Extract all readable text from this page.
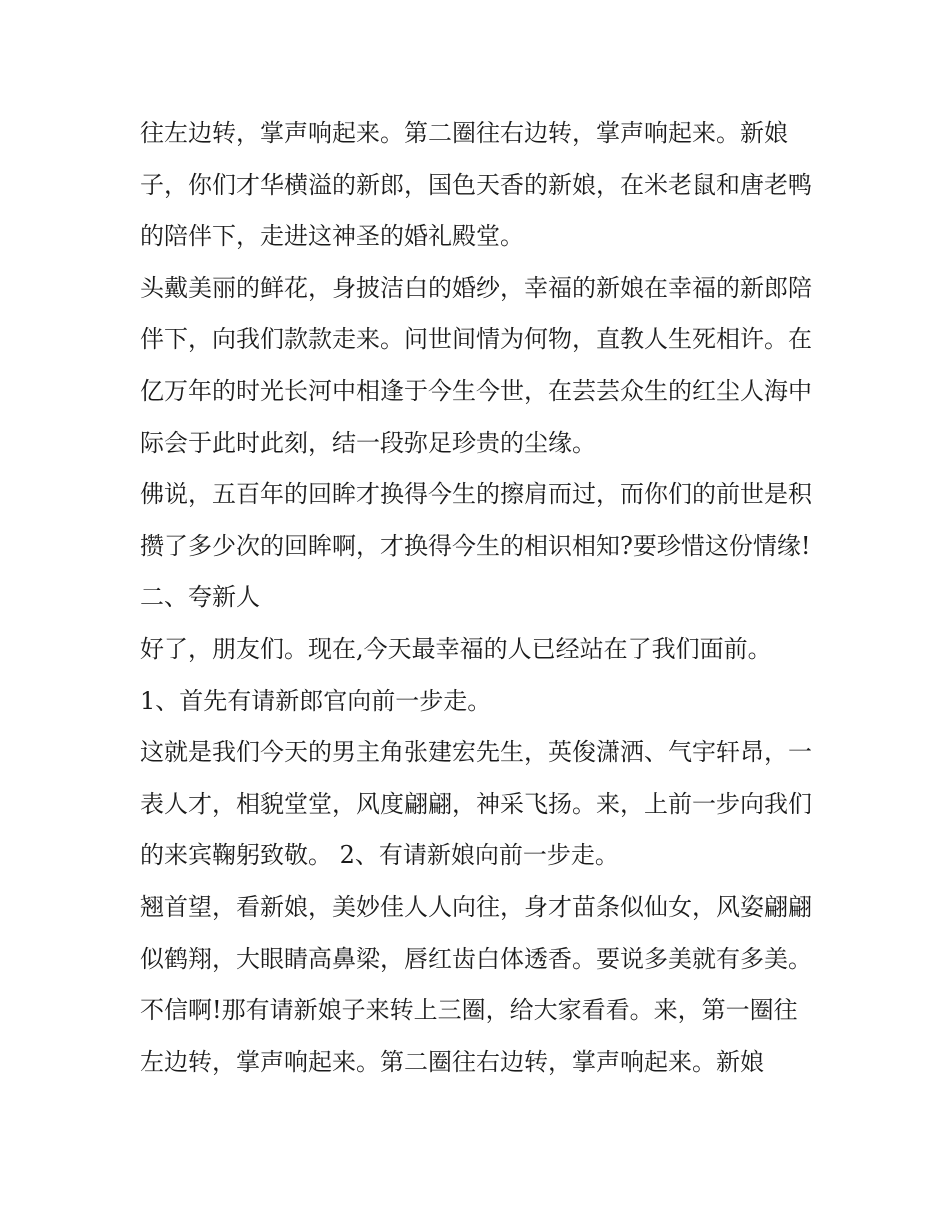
往左边转，掌声响起来。第二圈往右边转，掌声响起来。新娘子，你们才华横溢的新郎，国色天香的新娘，在米老鼠和唐老鸭的陪伴下，走进这神圣的婚礼殿堂。

头戴美丽的鲜花，身披洁白的婚纱，幸福的新娘在幸福的新郎陪伴下，向我们款款走来。问世间情为何物，直教人生死相许。在亿万年的时光长河中相逢于今生今世，在芸芸众生的红尘人海中际会于此时此刻，结一段弥足珍贵的尘缘。

佛说，五百年的回眸才换得今生的擦肩而过，而你们的前世是积攒了多少次的回眸啊，才换得今生的相识相知?要珍惜这份情缘! 二、夸新人

好了，朋友们。现在,今天最幸福的人已经站在了我们面前。

1、首先有请新郎官向前一步走。

这就是我们今天的男主角张建宏先生，英俊潇洒、气宇轩昂，一表人才，相貌堂堂，风度翩翩，神采飞扬。来，上前一步向我们的来宾鞠躬致敬。 2、有请新娘向前一步走。

翘首望，看新娘，美妙佳人人向往，身才苗条似仙女，风姿翩翩似鹤翔，大眼睛高鼻梁，唇红齿白体透香。要说多美就有多美。

不信啊!那有请新娘子来转上三圈，给大家看看。来，第一圈往左边转，掌声响起来。第二圈往右边转，掌声响起来。新娘
